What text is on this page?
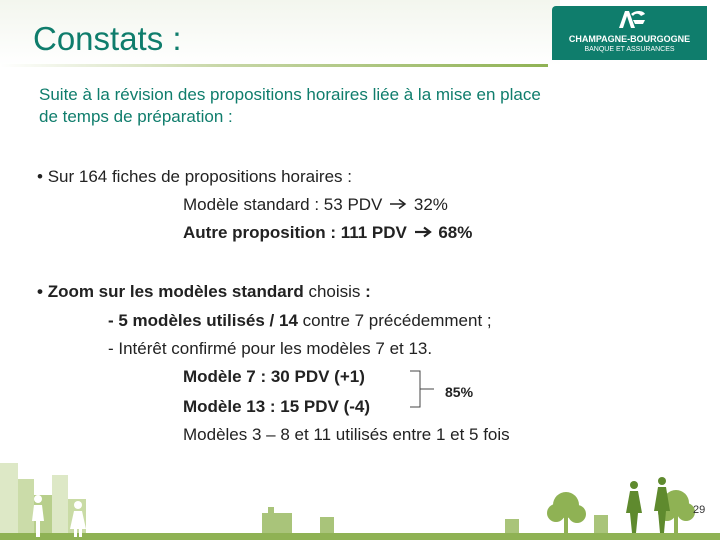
Constats :	CHAMPAGNE-BOURGOGNE
BANQUE ET ASSURANCES
Suite à la révision des propositions horaires liée à la mise en place
de temps de préparation :
• Sur 164 fiches de propositions horaires :
Modèle standard : 53 PDV 32%
Autre proposition : 111 PDV 68%
• Zoom sur les modèles standard choisis :
- 5 modèles utilisés / 14 contre 7 précédemment ;
- Intérêt confirmé pour les modèles 7 et 13.
Modèle 7 : 30 PDV (+1)
Modèle 13 : 15 PDV (-4)
85%
Modèles 3 – 8 et 11 utilisés entre 1 et 5 fois
29
